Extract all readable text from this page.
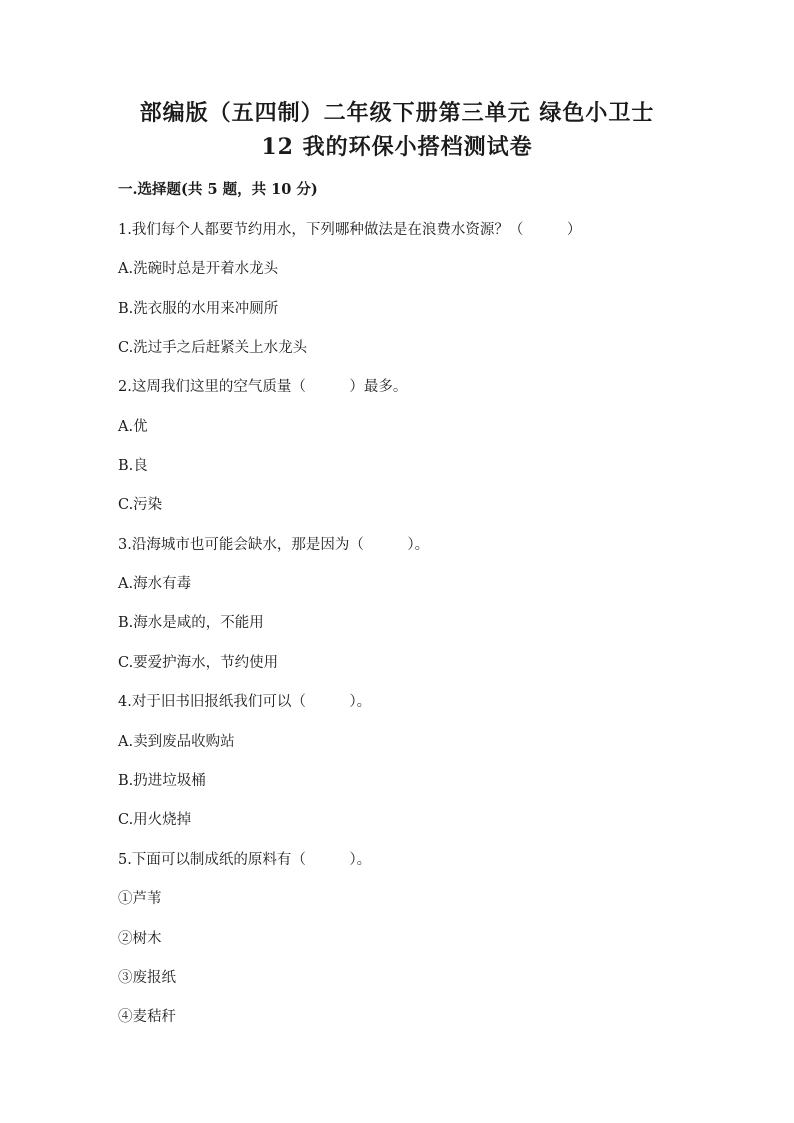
部编版（五四制）二年级下册第三单元 绿色小卫士
12 我的环保小搭档测试卷
一.选择题(共 5 题，共 10 分)
1.我们每个人都要节约用水，下列哪种做法是在浪费水资源？（　　　）
A.洗碗时总是开着水龙头
B.洗衣服的水用来冲厕所
C.洗过手之后赶紧关上水龙头
2.这周我们这里的空气质量（　　　）最多。
A.优
B.良
C.污染
3.沿海城市也可能会缺水，那是因为（　　　）。
A.海水有毒
B.海水是咸的，不能用
C.要爱护海水，节约使用
4.对于旧书旧报纸我们可以（　　　）。
A.卖到废品收购站
B.扔进垃圾桶
C.用火烧掉
5.下面可以制成纸的原料有（　　　）。
①芦苇
②树木
③废报纸
④麦秸秆
